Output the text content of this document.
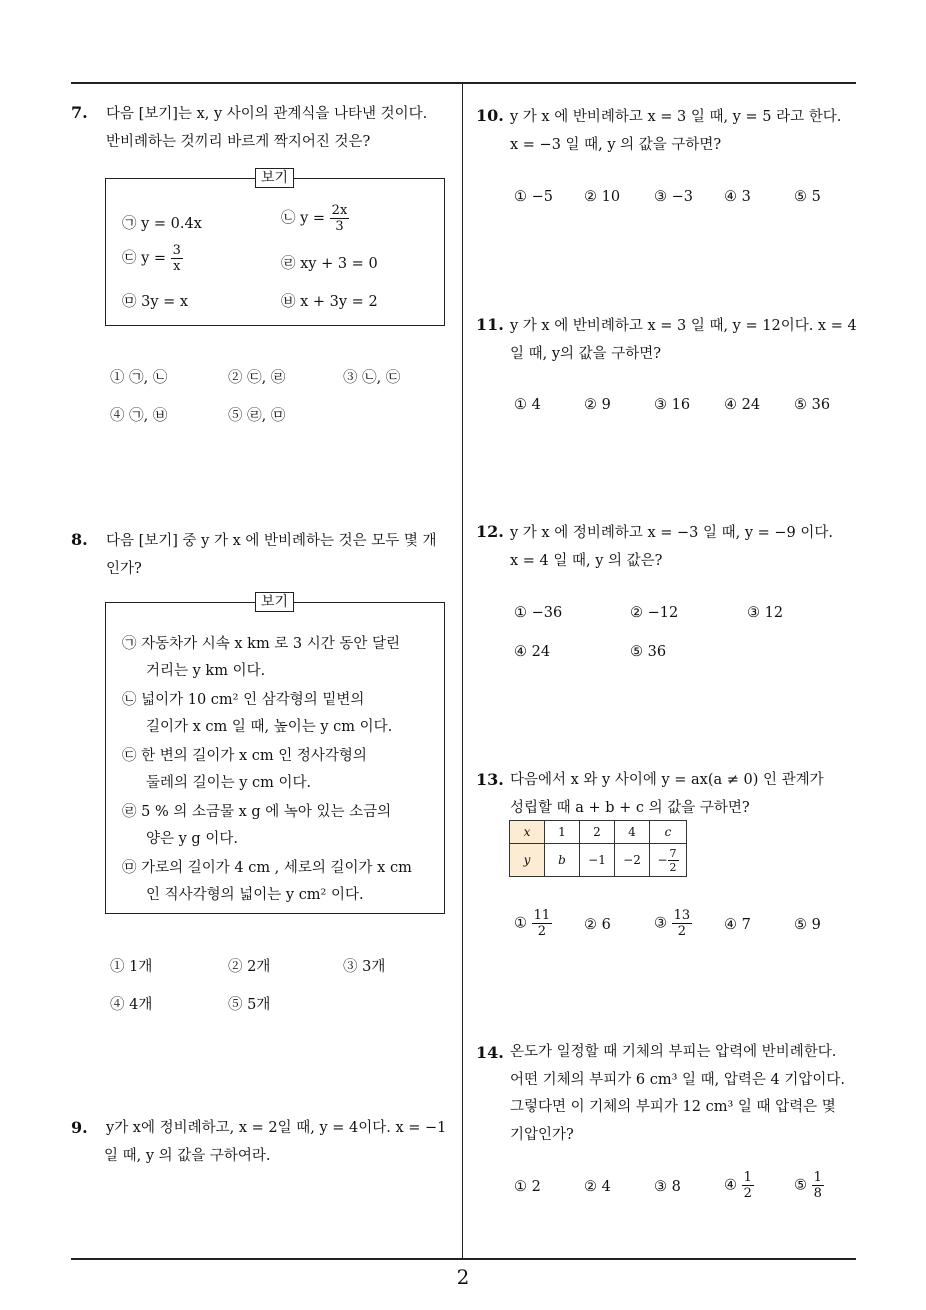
2
7. 다음 [보기]는 x, y 사이의 관계식을 나타낸 것이다.

반비례하는 것끼리 바르게 짝지어진 것은?

보기
㉠ y = 0.4x	㉡ $y = \frac{2x}{3}$
㉢ $y = \frac{3}{x}$	㉣ xy + 3 = 0
㉤ 3y = x	㉥ x + 3y = 2
① ㉠, ㉡	② ㉢, ㉣	③ ㉡, ㉢
④ ㉠, ㉥	⑤ ㉣, ㉤
8. 다음 [보기] 중 y 가 x 에 반비례하는 것은 모두 몇 개

인가?

보기
㉠ 자동차가 시속 x km 로 3 시간 동안 달린
거리는 y km 이다.
㉡ 넓이가 10 cm² 인 삼각형의 밑변의
길이가 x cm 일 때, 높이는 y cm 이다.
㉢ 한 변의 길이가 x cm 인 정사각형의
둘레의 길이는 y cm 이다.
㉣ 5 % 의 소금물 x g 에 녹아 있는 소금의
양은 y g 이다.
㉤ 가로의 길이가 4 cm , 세로의 길이가 x cm
인 직사각형의 넓이는 y cm² 이다.
① 1개	② 2개	③ 3개
④ 4개	⑤ 5개
9. y가 x에 정비례하고, x = 2일 때, y = 4이다. x = −1

일 때, y 의 값을 구하여라.

10. y 가 x 에 반비례하고 x = 3 일 때, y = 5 라고 한다.

x = −3 일 때, y 의 값을 구하면?

① −5 ② 10 ③ −3 ④ 3	⑤ 5
11. y 가 x 에 반비례하고 x = 3 일 때, y = 12이다. x = 4

일 때, y의 값을 구하면?

① 4	② 9	③ 16 ④ 24 ⑤ 36
12. y 가 x 에 정비례하고 x = −3 일 때, y = −9 이다.

x = 4 일 때, y 의 값은?

① −36	② −12	③ 12
④ 24	⑤ 36
13. 다음에서 x 와 y 사이에 y = ax(a ≠ 0) 인 관계가

성립할 때 a + b + c 의 값을 구하면?

x	1	2	4	c
y	b	−1	−2	− $\frac{7}{2}$
① $\frac{11}{2}$ ② 6	③ $\frac{13}{2}$ ④ 7	⑤ 9
14. 온도가 일정할 때 기체의 부피는 압력에 반비례한다.

어떤 기체의 부피가 6 cm³ 일 때, 압력은 4 기압이다.

그렇다면 이 기체의 부피가 12 cm³ 일 때 압력은 몇

기압인가?

① 2	② 4	③ 8	④ $\frac{1}{2}$	⑤ $\frac{1}{8}$
